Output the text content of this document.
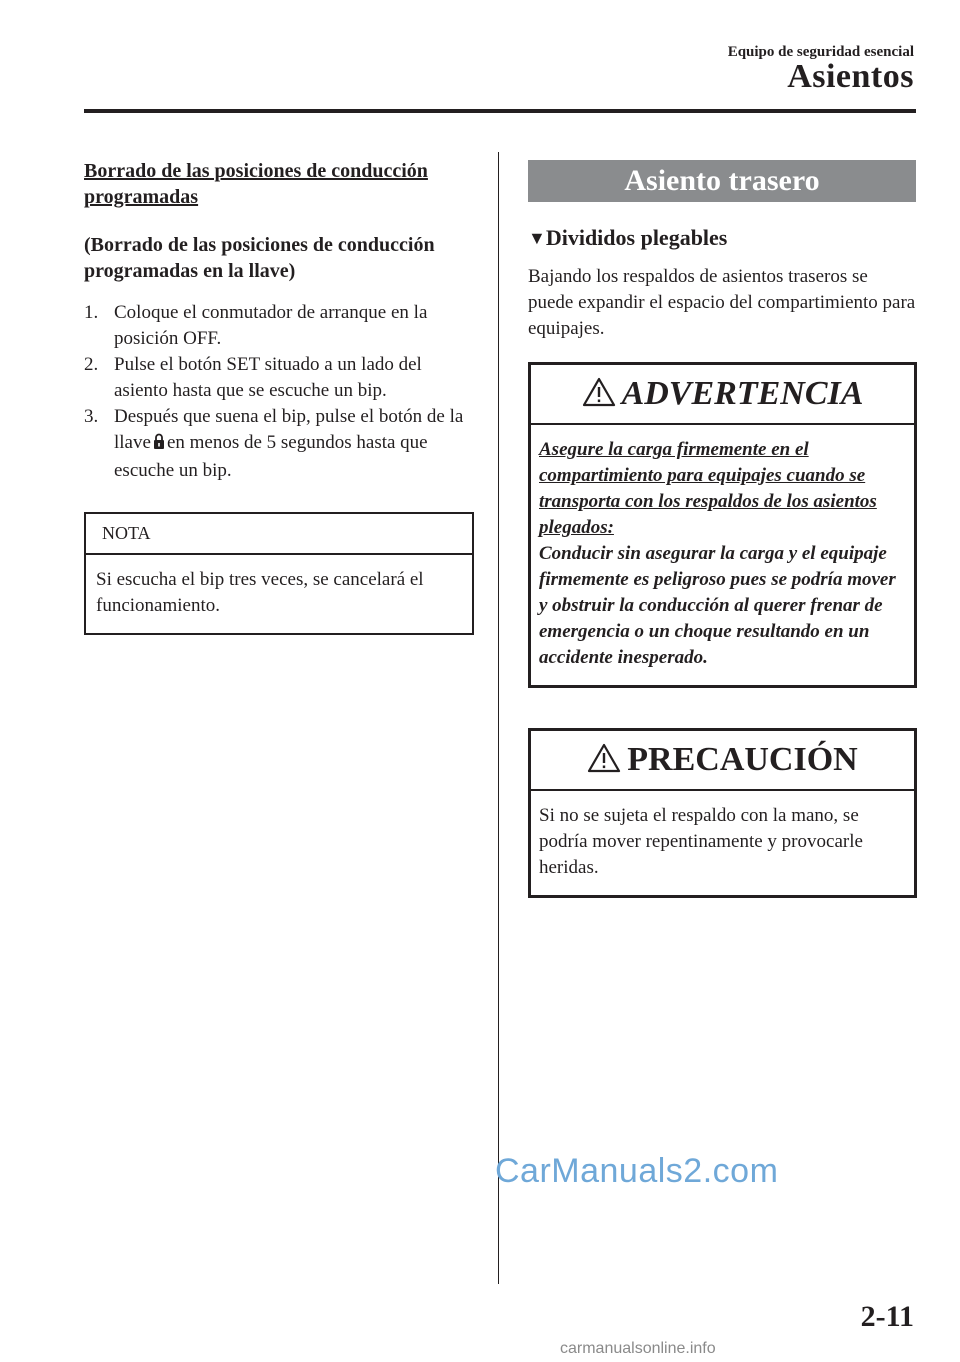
Equipo de seguridad esencial
Asientos
Borrado de las posiciones de conducción programadas
(Borrado de las posiciones de conducción programadas en la llave)
1. Coloque el conmutador de arranque en la posición OFF.
2. Pulse el botón SET situado a un lado del asiento hasta que se escuche un bip.
3. Después que suena el bip, pulse el botón de la llave en menos de 5 segundos hasta que escuche un bip.
NOTA
Si escucha el bip tres veces, se cancelará el funcionamiento.
Asiento trasero
▼Divididos plegables

Bajando los respaldos de asientos traseros se puede expandir el espacio del compartimiento para equipajes.

ADVERTENCIA
Asegure la carga firmemente en el compartimiento para equipajes cuando se transporta con los respaldos de los asientos plegados:
Conducir sin asegurar la carga y el equipaje firmemente es peligroso pues se podría mover y obstruir la conducción al querer frenar de emergencia o un choque resultando en un accidente inesperado.
PRECAUCIÓN
Si no se sujeta el respaldo con la mano, se podría mover repentinamente y provocarle heridas.
CarManuals2.com
2-11
carmanualsonline.info
